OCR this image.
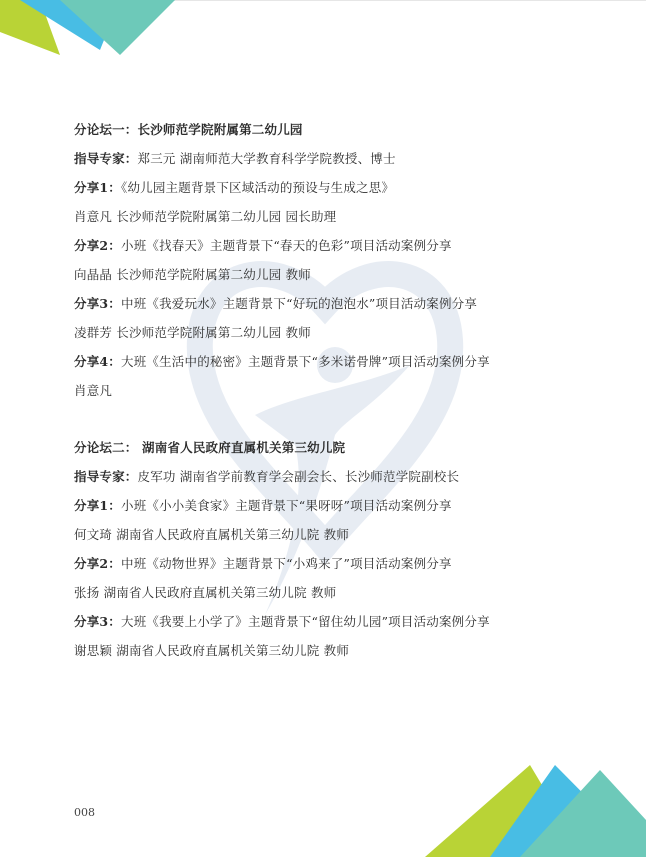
分论坛一：长沙师范学院附属第二幼儿园
指导专家：郑三元 湖南师范大学教育科学学院教授、博士
分享1：《幼儿园主题背景下区域活动的预设与生成之思》
肖意凡 长沙师范学院附属第二幼儿园 园长助理
分享2：小班《找春天》主题背景下“春天的色彩”项目活动案例分享
向晶晶 长沙师范学院附属第二幼儿园 教师
分享3：中班《我爱玩水》主题背景下“好玩的泡泡水”项目活动案例分享
凌群芳 长沙师范学院附属第二幼儿园 教师
分享4：大班《生活中的秘密》主题背景下“多米诺骨牌”项目活动案例分享
肖意凡
分论坛二： 湖南省人民政府直属机关第三幼儿院
指导专家：皮军功 湖南省学前教育学会副会长、长沙师范学院副校长
分享1：小班《小小美食家》主题背景下“果呀呀”项目活动案例分享
何文琦 湖南省人民政府直属机关第三幼儿院 教师
分享2：中班《动物世界》主题背景下“小鸡来了”项目活动案例分享
张扬 湖南省人民政府直属机关第三幼儿院 教师
分享3：大班《我要上小学了》主题背景下“留住幼儿园”项目活动案例分享
谢思颖 湖南省人民政府直属机关第三幼儿院 教师
008
